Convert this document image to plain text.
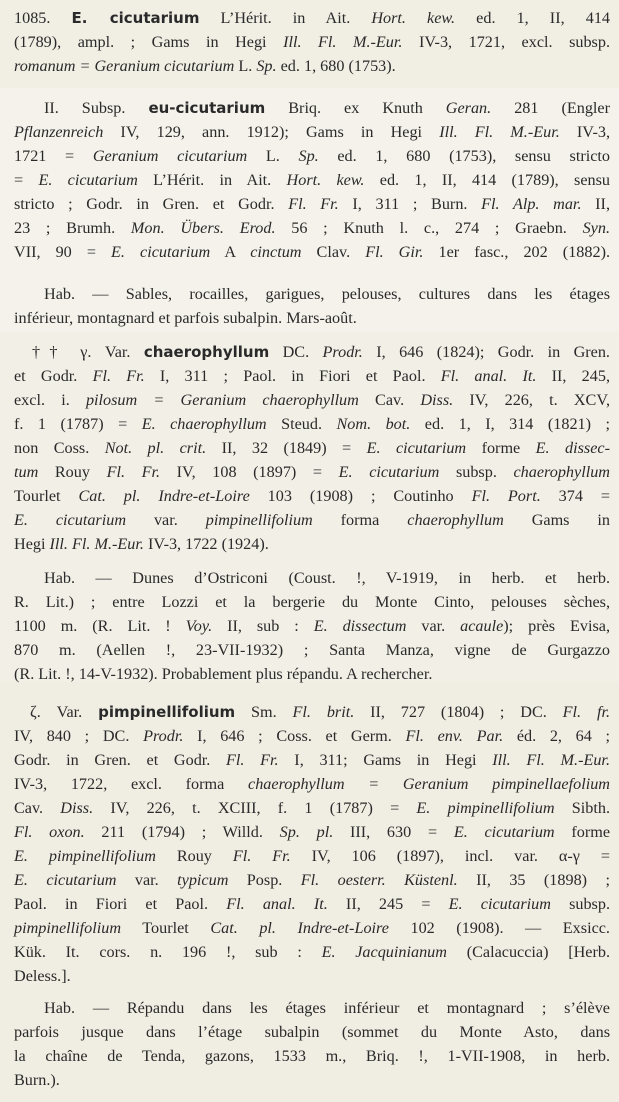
1085. E. cicutarium L’Hérit. in Ait. Hort. kew. ed. 1, II, 414
(1789), ampl. ; Gams in Hegi Ill. Fl. M.-Eur. IV-3, 1721, excl. subsp.
romanum = Geranium cicutarium L. Sp. ed. 1, 680 (1753).
II. Subsp. eu-cicutarium Briq. ex Knuth Geran. 281 (Engler
Pflanzenreich IV, 129, ann. 1912); Gams in Hegi Ill. Fl. M.-Eur. IV-3,
1721 = Geranium cicutarium L. Sp. ed. 1, 680 (1753), sensu stricto
= E. cicutarium L’Hérit. in Ait. Hort. kew. ed. 1, II, 414 (1789), sensu
stricto ; Godr. in Gren. et Godr. Fl. Fr. I, 311 ; Burn. Fl. Alp. mar. II,
23 ; Brumh. Mon. Übers. Erod. 56 ; Knuth l. c., 274 ; Graebn. Syn.
VII, 90 = E. cicutarium A cinctum Clav. Fl. Gir. 1er fasc., 202 (1882).
Hab. — Sables, rocailles, garigues, pelouses, cultures dans les étages
inférieur, montagnard et parfois subalpin. Mars-août.
†† γ. Var. chaerophyllum DC. Prodr. I, 646 (1824); Godr. in Gren.
et Godr. Fl. Fr. I, 311 ; Paol. in Fiori et Paol. Fl. anal. It. II, 245,
excl. i. pilosum = Geranium chaerophyllum Cav. Diss. IV, 226, t. XCV,
f. 1 (1787) = E. chaerophyllum Steud. Nom. bot. ed. 1, I, 314 (1821) ;
non Coss. Not. pl. crit. II, 32 (1849) = E. cicutarium forme E. dissec-
tum Rouy Fl. Fr. IV, 108 (1897) = E. cicutarium subsp. chaerophyllum
Tourlet Cat. pl. Indre-et-Loire 103 (1908) ; Coutinho Fl. Port. 374 =
E. cicutarium var. pimpinellifolium forma chaerophyllum Gams in
Hegi Ill. Fl. M.-Eur. IV-3, 1722 (1924).
Hab. — Dunes d’Ostriconi (Coust. !, V-1919, in herb. et herb.
R. Lit.) ; entre Lozzi et la bergerie du Monte Cinto, pelouses sèches,
1100 m. (R. Lit. ! Voy. II, sub : E. dissectum var. acaule); près Evisa,
870 m. (Aellen !, 23-VII-1932) ; Santa Manza, vigne de Gurgazzo
(R. Lit. !, 14-V-1932). Probablement plus répandu. A rechercher.
ζ. Var. pimpinellifolium Sm. Fl. brit. II, 727 (1804) ; DC. Fl. fr.
IV, 840 ; DC. Prodr. I, 646 ; Coss. et Germ. Fl. env. Par. éd. 2, 64 ;
Godr. in Gren. et Godr. Fl. Fr. I, 311; Gams in Hegi Ill. Fl. M.-Eur.
IV-3, 1722, excl. forma chaerophyllum = Geranium pimpinellaefolium
Cav. Diss. IV, 226, t. XCIII, f. 1 (1787) = E. pimpinellifolium Sibth.
Fl. oxon. 211 (1794) ; Willd. Sp. pl. III, 630 = E. cicutarium forme
E. pimpinellifolium Rouy Fl. Fr. IV, 106 (1897), incl. var. α-γ =
E. cicutarium var. typicum Posp. Fl. oesterr. Küstenl. II, 35 (1898) ;
Paol. in Fiori et Paol. Fl. anal. It. II, 245 = E. cicutarium subsp.
pimpinellifolium Tourlet Cat. pl. Indre-et-Loire 102 (1908). — Exsicc.
Kük. It. cors. n. 196 !, sub : E. Jacquinianum (Calacuccia) [Herb.
Deless.].
Hab. — Répandu dans les étages inférieur et montagnard ; s’élève
parfois jusque dans l’étage subalpin (sommet du Monte Asto, dans
la chaîne de Tenda, gazons, 1533 m., Briq. !, 1-VII-1908, in herb.
Burn.).
